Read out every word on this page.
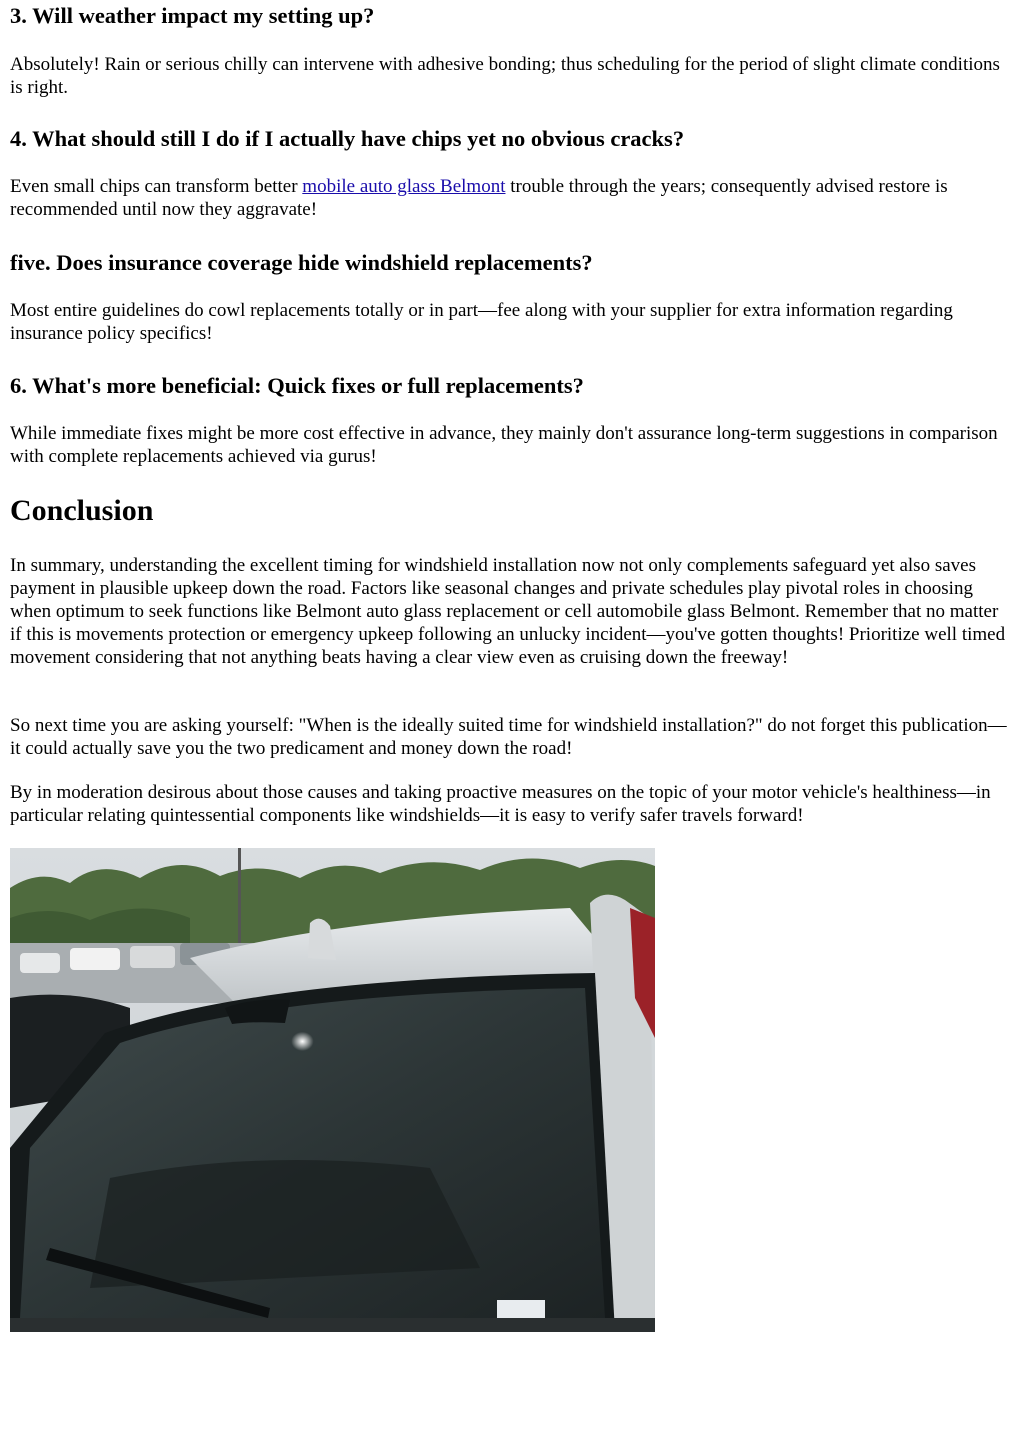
3. Will weather impact my setting up?

Absolutely! Rain or serious chilly can intervene with adhesive bonding; thus scheduling for the period of slight climate conditions is right.

4. What should still I do if I actually have chips yet no obvious cracks?

Even small chips can transform better mobile auto glass Belmont trouble through the years; consequently advised restore is recommended until now they aggravate!

five. Does insurance coverage hide windshield replacements?

Most entire guidelines do cowl replacements totally or in part—fee along with your supplier for extra information regarding insurance policy specifics!

6. What's more beneficial: Quick fixes or full replacements?

While immediate fixes might be more cost effective in advance, they mainly don't assurance long-term suggestions in comparison with complete replacements achieved via gurus!

Conclusion

In summary, understanding the excellent timing for windshield installation now not only complements safeguard yet also saves payment in plausible upkeep down the road. Factors like seasonal changes and private schedules play pivotal roles in choosing when optimum to seek functions like Belmont auto glass replacement or cell automobile glass Belmont. Remember that no matter if this is movements protection or emergency upkeep following an unlucky incident—you've gotten thoughts! Prioritize well timed movement considering that not anything beats having a clear view even as cruising down the freeway!

So next time you are asking yourself: "When is the ideally suited time for windshield installation?" do not forget this publication—it could actually save you the two predicament and money down the road!

By in moderation desirous about those causes and taking proactive measures on the topic of your motor vehicle's healthiness—in particular relating quintessential components like windshields—it is easy to verify safer travels forward!
